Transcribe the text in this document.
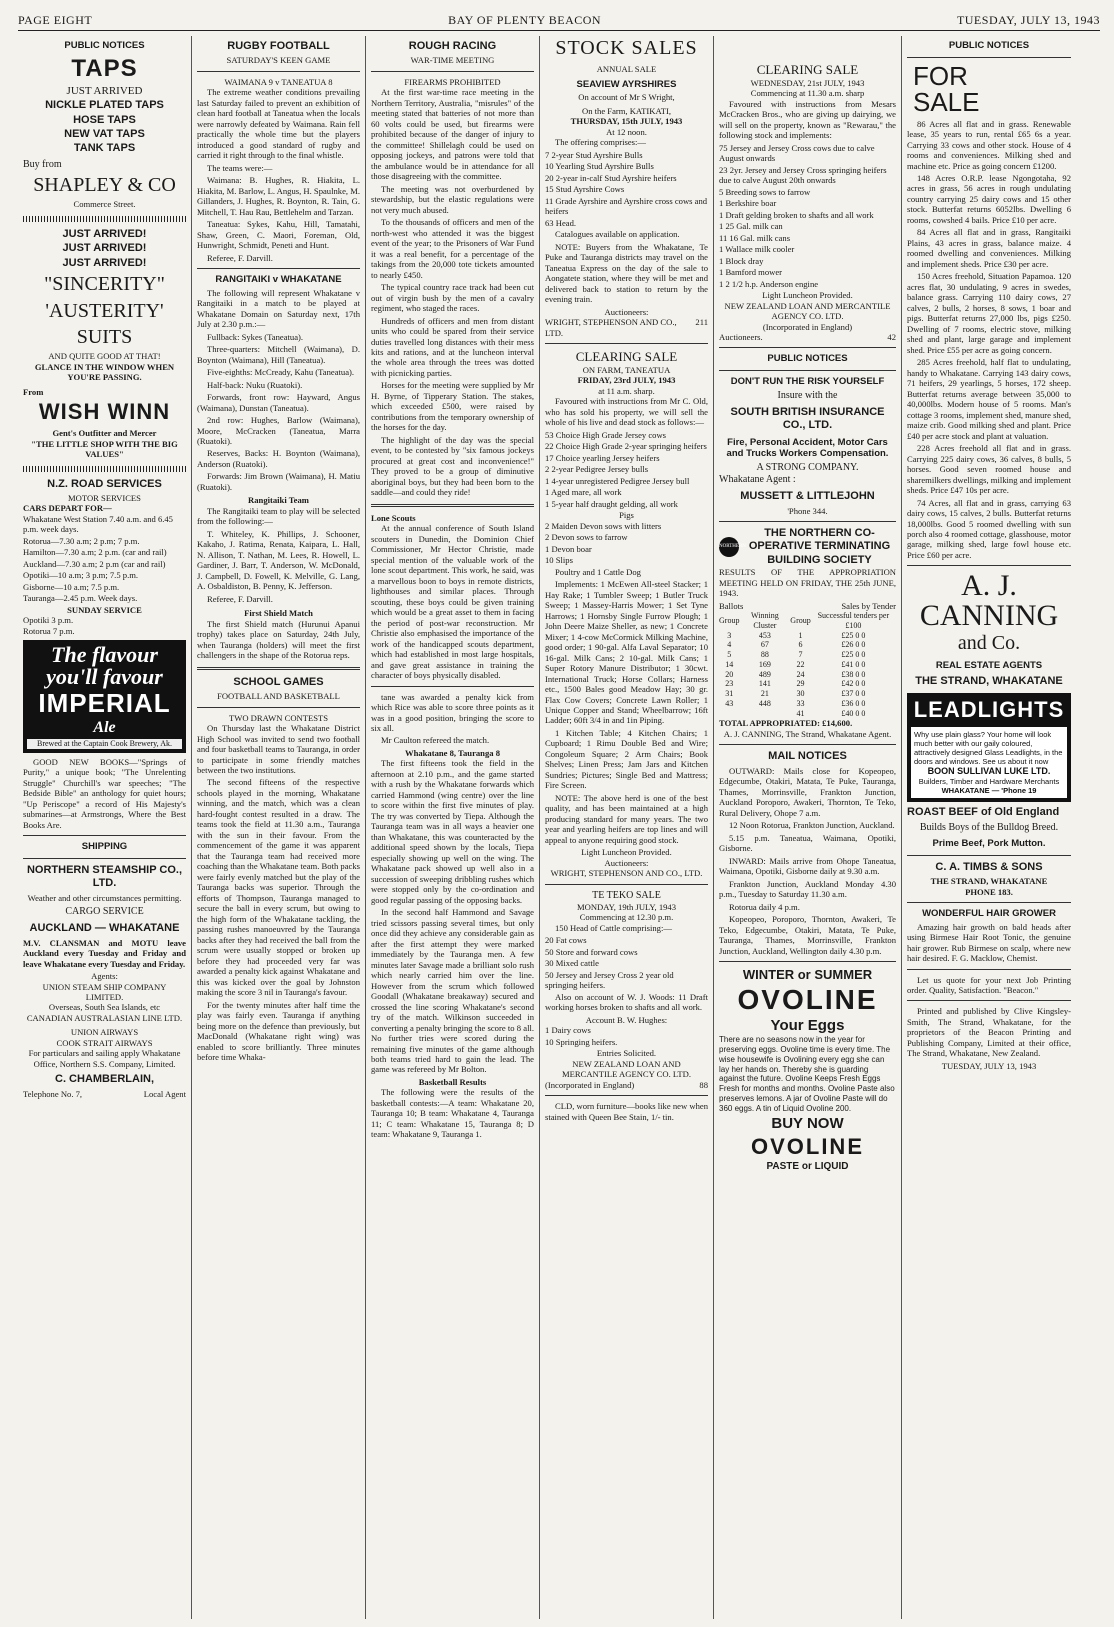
PAGE EIGHT	BAY OF PLENTY BEACON	TUESDAY, JULY 13, 1943
PUBLIC NOTICES
TAPS
JUST ARRIVED
NICKLE PLATED TAPS
HOSE TAPS
NEW VAT TAPS
TANK TAPS
Buy from
SHAPLEY & CO
Commerce Street.
JUST ARRIVED!
JUST ARRIVED!
JUST ARRIVED!
"SINCERITY"
'AUSTERITY'
SUITS
AND QUITE GOOD AT THAT!
GLANCE IN THE WINDOW WHEN YOU'RE PASSING.
From
WISH WINN
Gent's Outfitter and Mercer
"THE LITTLE SHOP WITH THE BIG VALUES"
N.Z. ROAD SERVICES
MOTOR SERVICES
CARS DEPART FOR—
Whakatane West Station 7.40 a.m. and 6.45 p.m. week days.
Rotorua—7.30 a.m; 2 p.m; 7 p.m.
Hamilton—7.30 a.m; 2 p.m. (car and rail)
Auckland—7.30 a.m; 2 p.m (car and rail)
Opotiki—10 a.m; 3 p.m; 7.5 p.m.
Gisborne—10 a.m; 7.5 p.m.
Tauranga—2.45 p.m. Week days.
SUNDAY SERVICE
Opotiki 3 p.m.
Rotorua 7 p.m.
The flavour you'll favour
IMPERIAL
Ale
Brewed at the Captain Cook Brewery, Ak.

GOOD NEW BOOKS—"Springs of Purity," a unique book; "The Unrelenting Struggle" Churchill's war speeches; "The Bedside Bible" an anthology for quiet hours; "Up Periscope" a record of His Majesty's submarines—at Armstrongs, Where the Best Books Are.

SHIPPING
NORTHERN STEAMSHIP CO., LTD.
Weather and other circumstances permitting.
CARGO SERVICE
AUCKLAND — WHAKATANE

M.V. CLANSMAN and MOTU leave Auckland every Tuesday and Friday and leave Whakatane every Tuesday and Friday.

Agents:
UNION STEAM SHIP COMPANY LIMITED.
Overseas, South Sea Islands, etc
CANADIAN AUSTRALASIAN LINE LTD.
UNION AIRWAYS
COOK STRAIT AIRWAYS

For particulars and sailing apply Whakatane Office, Northern S.S. Company, Limited.

C. CHAMBERLAIN,
Telephone No. 7,	Local Agent
RUGBY FOOTBALL
SATURDAY'S KEEN GAME
WAIMANA 9 v TANEATUA 8

The extreme weather conditions prevailing last Saturday failed to prevent an exhibition of clean hard football at Taneatua when the locals were narrowly defeated by Waimana. Rain fell practically the whole time but the players introduced a good standard of rugby and carried it right through to the final whistle.

The teams were:—

Waimana: B. Hughes, R. Hiakita, L. Hiakita, M. Barlow, L. Angus, H. Spaulnke, M. Gillanders, J. Hughes, R. Boynton, R. Tain, G. Mitchell, T. Hau Rau, Bettlehelm and Tarzan.

Taneatua: Sykes, Kahu, Hill, Tamatahi, Shaw, Green, C. Maori, Foreman, Old, Hunwright, Schmidt, Peneti and Hunt.

Referee, F. Darvill.

RANGITAIKI v WHAKATANE

The following will represent Whakatane v Rangitaiki in a match to be played at Whakatane Domain on Saturday next, 17th July at 2.30 p.m.:—

Fullback: Sykes (Taneatua).

Three-quarters: Mitchell (Waimana), D. Boynton (Waimana), Hill (Taneatua).

Five-eighths: McCready, Kahu (Taneatua).

Half-back: Nuku (Ruatoki).

Forwards, front row: Hayward, Angus (Waimana), Dunstan (Taneatua).

2nd row: Hughes, Barlow (Waimana), Moore, McCracken (Taneatua, Marra (Ruatoki).

Reserves, Backs: H. Boynton (Waimana), Anderson (Ruatoki).

Forwards: Jim Brown (Waimana), H. Matiu (Ruatoki).

Rangitaiki Team

The Rangitaiki team to play will be selected from the following:—

T. Whiteley, K. Phillips, J. Schooner, Kakaho, J. Ratima, Renata, Kaipara, L. Hall, N. Allison, T. Nathan, M. Lees, R. Howell, L. Gardiner, J. Barr, T. Anderson, W. McDonald, J. Campbell, D. Fowell, K. Melville, G. Lang, A. Osbaldiston, B. Penny, K. Jefferson.

Referee, F. Darvill.

First Shield Match

The first Shield match (Hurunui Apanui trophy) takes place on Saturday, 24th July, when Tauranga (holders) will meet the first challengers in the shape of the Rotorua reps.

SCHOOL GAMES
FOOTBALL AND BASKETBALL
TWO DRAWN CONTESTS

On Thursday last the Whakatane District High School was invited to send two football and four basketball teams to Tauranga, in order to participate in some friendly matches between the two institutions.

The second fifteens of the respective schools played in the morning, Whakatane winning, and the match, which was a clean hard-fought contest resulted in a draw. The teams took the field at 11.30 a.m., Tauranga with the sun in their favour. From the commencement of the game it was apparent that the Tauranga team had received more coaching than the Whakatane team. Both packs were fairly evenly matched but the play of the Tauranga backs was superior. Through the efforts of Thompson, Tauranga managed to secure the ball in every scrum, but owing to the high form of the Whakatane tackling, the passing rushes manoeuvred by the Tauranga backs after they had received the ball from the scrum were usually stopped or broken up before they had proceeded very far was awarded a penalty kick against Whakatane and this was kicked over the goal by Johnston making the score 3 nil in Tauranga's favour.

For the twenty minutes after half time the play was fairly even. Tauranga if anything being more on the defence than previously, but MacDonald (Whakatane right wing) was enabled to score brilliantly. Three minutes before time Whaka-

ROUGH RACING
WAR-TIME MEETING
FIREARMS PROHIBITED

At the first war-time race meeting in the Northern Territory, Australia, "misrules" of the meeting stated that batteries of not more than 60 volts could be used, but firearms were prohibited because of the danger of injury to the committee! Shillelagh could be used on opposing jockeys, and patrons were told that the ambulance would be in attendance for all those disagreeing with the committee.

The meeting was not overburdened by stewardship, but the elastic regulations were not very much abused.

To the thousands of officers and men of the north-west who attended it was the biggest event of the year; to the Prisoners of War Fund it was a real benefit, for a percentage of the takings from the 20,000 tote tickets amounted to nearly £450.

The typical country race track had been cut out of virgin bush by the men of a cavalry regiment, who staged the races.

Hundreds of officers and men from distant units who could be spared from their service duties travelled long distances with their mess kits and rations, and at the luncheon interval the whole area through the trees was dotted with picnicking parties.

Horses for the meeting were supplied by Mr H. Byrne, of Tipperary Station. The stakes, which exceeded £500, were raised by contributions from the temporary ownership of the horses for the day.

The highlight of the day was the special event, to be contested by "six famous jockeys procured at great cost and inconvenience!" They proved to be a group of diminutive aboriginal boys, but they had been born to the saddle—and could they ride!

Lone Scouts

At the annual conference of South Island scouters in Dunedin, the Dominion Chief Commissioner, Mr Hector Christie, made special mention of the valuable work of the lone scout department. This work, he said, was a marvellous boon to boys in remote districts, lighthouses and similar places. Through scouting, these boys could be given training which would be a great asset to them in facing the period of post-war reconstruction. Mr Christie also emphasised the importance of the work of the handicapped scouts department, which had established in most large hospitals, and gave great assistance in training the character of boys physically disabled.

tane was awarded a penalty kick from which Rice was able to score three points as it was in a good position, bringing the score to six all.

Mr Caulton refereed the match.

Whakatane 8, Tauranga 8

The first fifteens took the field in the afternoon at 2.10 p.m., and the game started with a rush by the Whakatane forwards which carried Hammond (wing centre) over the line to score within the first five minutes of play. The try was converted by Tiepa. Although the Tauranga team was in all ways a heavier one than Whakatane, this was counteracted by the additional speed shown by the locals, Tiepa especially showing up well on the wing. The Whakatane pack showed up well also in a succession of sweeping dribbling rushes which were stopped only by the co-ordination and good regular passing of the opposing backs.

In the second half Hammond and Savage tried scissors passing several times, but only once did they achieve any considerable gain as after the first attempt they were marked immediately by the Tauranga men. A few minutes later Savage made a brilliant solo rush which nearly carried him over the line. However from the scrum which followed Goodall (Whakatane breakaway) secured and crossed the line scoring Whakatane's second try of the match. Wilkinson succeeded in converting a penalty bringing the score to 8 all. No further tries were scored during the remaining five minutes of the game although both teams tried hard to gain the lead. The game was refereed by Mr Bolton.

Basketball Results

The following were the results of the basketball contests:—A team: Whakatane 20, Tauranga 10; B team: Whakatane 4, Tauranga 11; C team: Whakatane 15, Tauranga 8; D team: Whakatane 9, Tauranga 1.

STOCK SALES
ANNUAL SALE
SEAVIEW AYRSHIRES
On account of Mr S Wright,
On the Farm, KATIKATI,
THURSDAY, 15th JULY, 1943
At 12 noon.

The offering comprises:—

7 2-year Stud Ayrshire Bulls
10 Yearling Stud Ayrshire Bulls
20 2-year in-calf Stud Ayrshire heifers
15 Stud Ayrshire Cows
11 Grade Ayrshire and Ayrshire cross cows and heifers
63 Head.

Catalogues available on application.

NOTE: Buyers from the Whakatane, Te Puke and Tauranga districts may travel on the Taneatua Express on the day of the sale to Aongatete station, where they will be met and delivered back to station to return by the evening train.

Auctioneers:
WRIGHT, STEPHENSON AND CO., LTD.
211
CLEARING SALE
ON FARM, TANEATUA
FRIDAY, 23rd JULY, 1943
at 11 a.m. sharp.

Favoured with instructions from Mr C. Old, who has sold his property, we will sell the whole of his live and dead stock as follows:—

53 Choice High Grade Jersey cows
22 Choice High Grade 2-year springing heifers
17 Choice yearling Jersey heifers
2 2-year Pedigree Jersey bulls
1 4-year unregistered Pedigree Jersey bull
1 Aged mare, all work
1 5-year half draught gelding, all work
Pigs
2 Maiden Devon sows with litters
2 Devon sows to farrow
1 Devon boar
10 Slips

Poultry and 1 Cattle Dog

Implements: 1 McEwen All-steel Stacker; 1 Hay Rake; 1 Tumbler Sweep; 1 Butler Truck Sweep; 1 Massey-Harris Mower; 1 Set Tyne Harrows; 1 Hornsby Single Furrow Plough; 1 John Deere Maize Sheller, as new; 1 Concrete Mixer; 1 4-cow McCormick Milking Machine, good order; 1 90-gal. Alfa Laval Separator; 10 16-gal. Milk Cans; 2 10-gal. Milk Cans; 1 Super Rotory Manure Distributor; 1 30cwt. International Truck; Horse Collars; Harness etc., 1500 Bales good Meadow Hay; 30 gr. Flax Cow Covers; Concrete Lawn Roller; 1 Unique Copper and Stand; Wheelbarrow; 16ft Ladder; 60ft 3/4 in and 1in Piping.

1 Kitchen Table; 4 Kitchen Chairs; 1 Cupboard; 1 Rimu Double Bed and Wire; Congoleum Square; 2 Arm Chairs; Book Shelves; Linen Press; Jam Jars and Kitchen Sundries; Pictures; Single Bed and Mattress; Fire Screen.

NOTE: The above herd is one of the best quality, and has been maintained at a high producing standard for many years. The two year and yearling heifers are top lines and will appeal to anyone requiring good stock.

Light Luncheon Provided.
Auctioneers:
WRIGHT, STEPHENSON AND CO., LTD.
TE TEKO SALE
MONDAY, 19th JULY, 1943
Commencing at 12.30 p.m.

150 Head of Cattle comprising:—

20 Fat cows
50 Store and forward cows
30 Mixed cattle
50 Jersey and Jersey Cross 2 year old springing heifers.

Also on account of W. J. Woods: 11 Draft working horses broken to shafts and all work.

Account B. W. Hughes:
1 Dairy cows
10 Springing heifers.
Entries Solicited.
NEW ZEALAND LOAN AND MERCANTILE AGENCY CO. LTD.
(Incorporated in England)	88

CLD, worn furniture—books like new when stained with Queen Bee Stain, 1/- tin.

CLEARING SALE
WEDNESDAY, 21st JULY, 1943
Commencing at 11.30 a.m. sharp

Favoured with instructions from Mesars McCracken Bros., who are giving up dairying, we will sell on the property, known as "Rewarau," the following stock and implements:

75 Jersey and Jersey Cross cows due to calve August onwards
23 2yr. Jersey and Jersey Cross springing heifers due to calve August 20th onwards
5 Breeding sows to farrow
1 Berkshire boar
1 Draft gelding broken to shafts and all work
1 25 Gal. milk can
11 16 Gal. milk cans
1 Wallace milk cooler
1 Block dray
1 Bamford mower
1 2 1/2 h.p. Anderson engine
Light Luncheon Provided.
NEW ZEALAND LOAN AND MERCANTILE AGENCY CO. LTD.
(Incorporated in England)
Auctioneers.	42
PUBLIC NOTICES
DON'T RUN THE RISK YOURSELF
Insure with the
SOUTH BRITISH INSURANCE CO., LTD.
Fire, Personal Accident, Motor Cars and Trucks Workers Compensation.
A STRONG COMPANY.
Whakatane Agent :
MUSSETT & LITTLEJOHN
'Phone 344.
NORTHERN
THE NORTHERN CO-OPERATIVE TERMINATING BUILDING SOCIETY

RESULTS OF THE APPROPRIATION MEETING HELD ON FRIDAY, THE 25th JUNE, 1943.

Ballots	Sales by Tender
Group	Winning Cluster	Group	Successful tenders per £100
3	453	1	£25 0 0
4	67	6	£26 0 0
5	88	7	£25 0 0
14	169	22	£41 0 0
20	489	24	£38 0 0
23	141	29	£42 0 0
31	21	30	£37 0 0
43	448	33	£36 0 0
		41	£40 0 0
TOTAL APPROPRIATED: £14,600.
A. J. CANNING, The Strand, Whakatane Agent.
MAIL NOTICES

OUTWARD: Mails close for Kopeopeo, Edgecumbe, Otakiri, Matata, Te Puke, Tauranga, Thames, Morrinsville, Frankton Junction, Auckland Poroporo, Awakeri, Thornton, Te Teko, Rural Delivery, Ohope 7 a.m.

12 Noon Rotorua, Frankton Junction, Auckland.

5.15 p.m. Taneatua, Waimana, Opotiki, Gisborne.

INWARD: Mails arrive from Ohope Taneatua, Waimana, Opotiki, Gisborne daily at 9.30 a.m.

Frankton Junction, Auckland Monday 4.30 p.m., Tuesday to Saturday 11.30 a.m.

Rotorua daily 4 p.m.

Kopeopeo, Poroporo, Thornton, Awakeri, Te Teko, Edgecumbe, Otakiri, Matata, Te Puke, Tauranga, Thames, Morrinsville, Frankton Junction, Auckland, Wellington daily 4.30 p.m.

WINTER or SUMMER
OVOLINE
Your Eggs

There are no seasons now in the year for preserving eggs. Ovoline time is every time. The wise housewife is Ovolining every egg she can lay her hands on. Thereby she is guarding against the future. Ovoline Keeps Fresh Eggs Fresh for months and months. Ovoline Paste also preserves lemons. A jar of Ovoline Paste will do 360 eggs. A tin of Liquid Ovoline 200.

BUY NOW
OVOLINE
PASTE or LIQUID
PUBLIC NOTICES
FOR SALE

86 Acres all flat and in grass. Renewable lease, 35 years to run, rental £65 6s a year. Carrying 33 cows and other stock. House of 4 rooms and conveniences. Milking shed and machine etc. Price as going concern £1200.

148 Acres O.R.P. lease Ngongotaha, 92 acres in grass, 56 acres in rough undulating country carrying 25 dairy cows and 15 other stock. Butterfat returns 6052lbs. Dwelling 6 rooms, cowshed 4 bails. Price £10 per acre.

84 Acres all flat and in grass, Rangitaiki Plains, 43 acres in grass, balance maize. 4 roomed dwelling and conveniences. Milking and implement sheds. Price £30 per acre.

150 Acres freehold, Situation Papamoa. 120 acres flat, 30 undulating, 9 acres in swedes, balance grass. Carrying 110 dairy cows, 27 calves, 2 bulls, 2 horses, 8 sows, 1 boar and pigs. Butterfat returns 27,000 lbs, pigs £250. Dwelling of 7 rooms, electric stove, milking shed and plant, large garage and implement shed. Price £55 per acre as going concern.

285 Acres freehold, half flat to undulating, handy to Whakatane. Carrying 143 dairy cows, 71 heifers, 29 yearlings, 5 horses, 172 sheep. Butterfat returns average between 35,000 to 40,000lbs. Modern house of 5 rooms. Man's cottage 3 rooms, implement shed, manure shed, maize crib. Good milking shed and plant. Price £40 per acre stock and plant at valuation.

228 Acres freehold all flat and in grass. Carrying 225 dairy cows, 36 calves, 8 bulls, 5 horses. Good seven roomed house and sharemilkers dwellings, milking and implement sheds. Price £47 10s per acre.

74 Acres, all flat and in grass, carrying 63 dairy cows, 15 calves, 2 bulls. Butterfat returns 18,000lbs. Good 5 roomed dwelling with sun porch also 4 roomed cottage, glasshouse, motor garage, milking shed, large fowl house etc. Price £60 per acre.

A. J. CANNING
and Co.
REAL ESTATE AGENTS
THE STRAND, WHAKATANE
LEADLIGHTS
Why use plain glass? Your home will look much better with our gaily coloured, attractively designed Glass Leadlights, in the doors and windows. See us about it now
BOON SULLIVAN LUKE LTD.
Builders, Timber and Hardware Merchants
WHAKATANE — 'Phone 19
ROAST BEEF of Old England
Builds Boys of the Bulldog Breed.
Prime Beef, Pork Mutton.
C. A. TIMBS & SONS
THE STRAND, WHAKATANE
PHONE 183.
WONDERFUL HAIR GROWER

Amazing hair growth on bald heads after using Birmese Hair Root Tonic, the genuine hair grower. Rub Birmese on scalp, where new hair desired. F. G. Macklow, Chemist.

Let us quote for your next Job Printing order. Quality, Satisfaction. "Beacon."

Printed and published by Clive Kingsley-Smith, The Strand, Whakatane, for the proprietors of the Beacon Printing and Publishing Company, Limited at their office, The Strand, Whakatane, New Zealand.

TUESDAY, JULY 13, 1943
